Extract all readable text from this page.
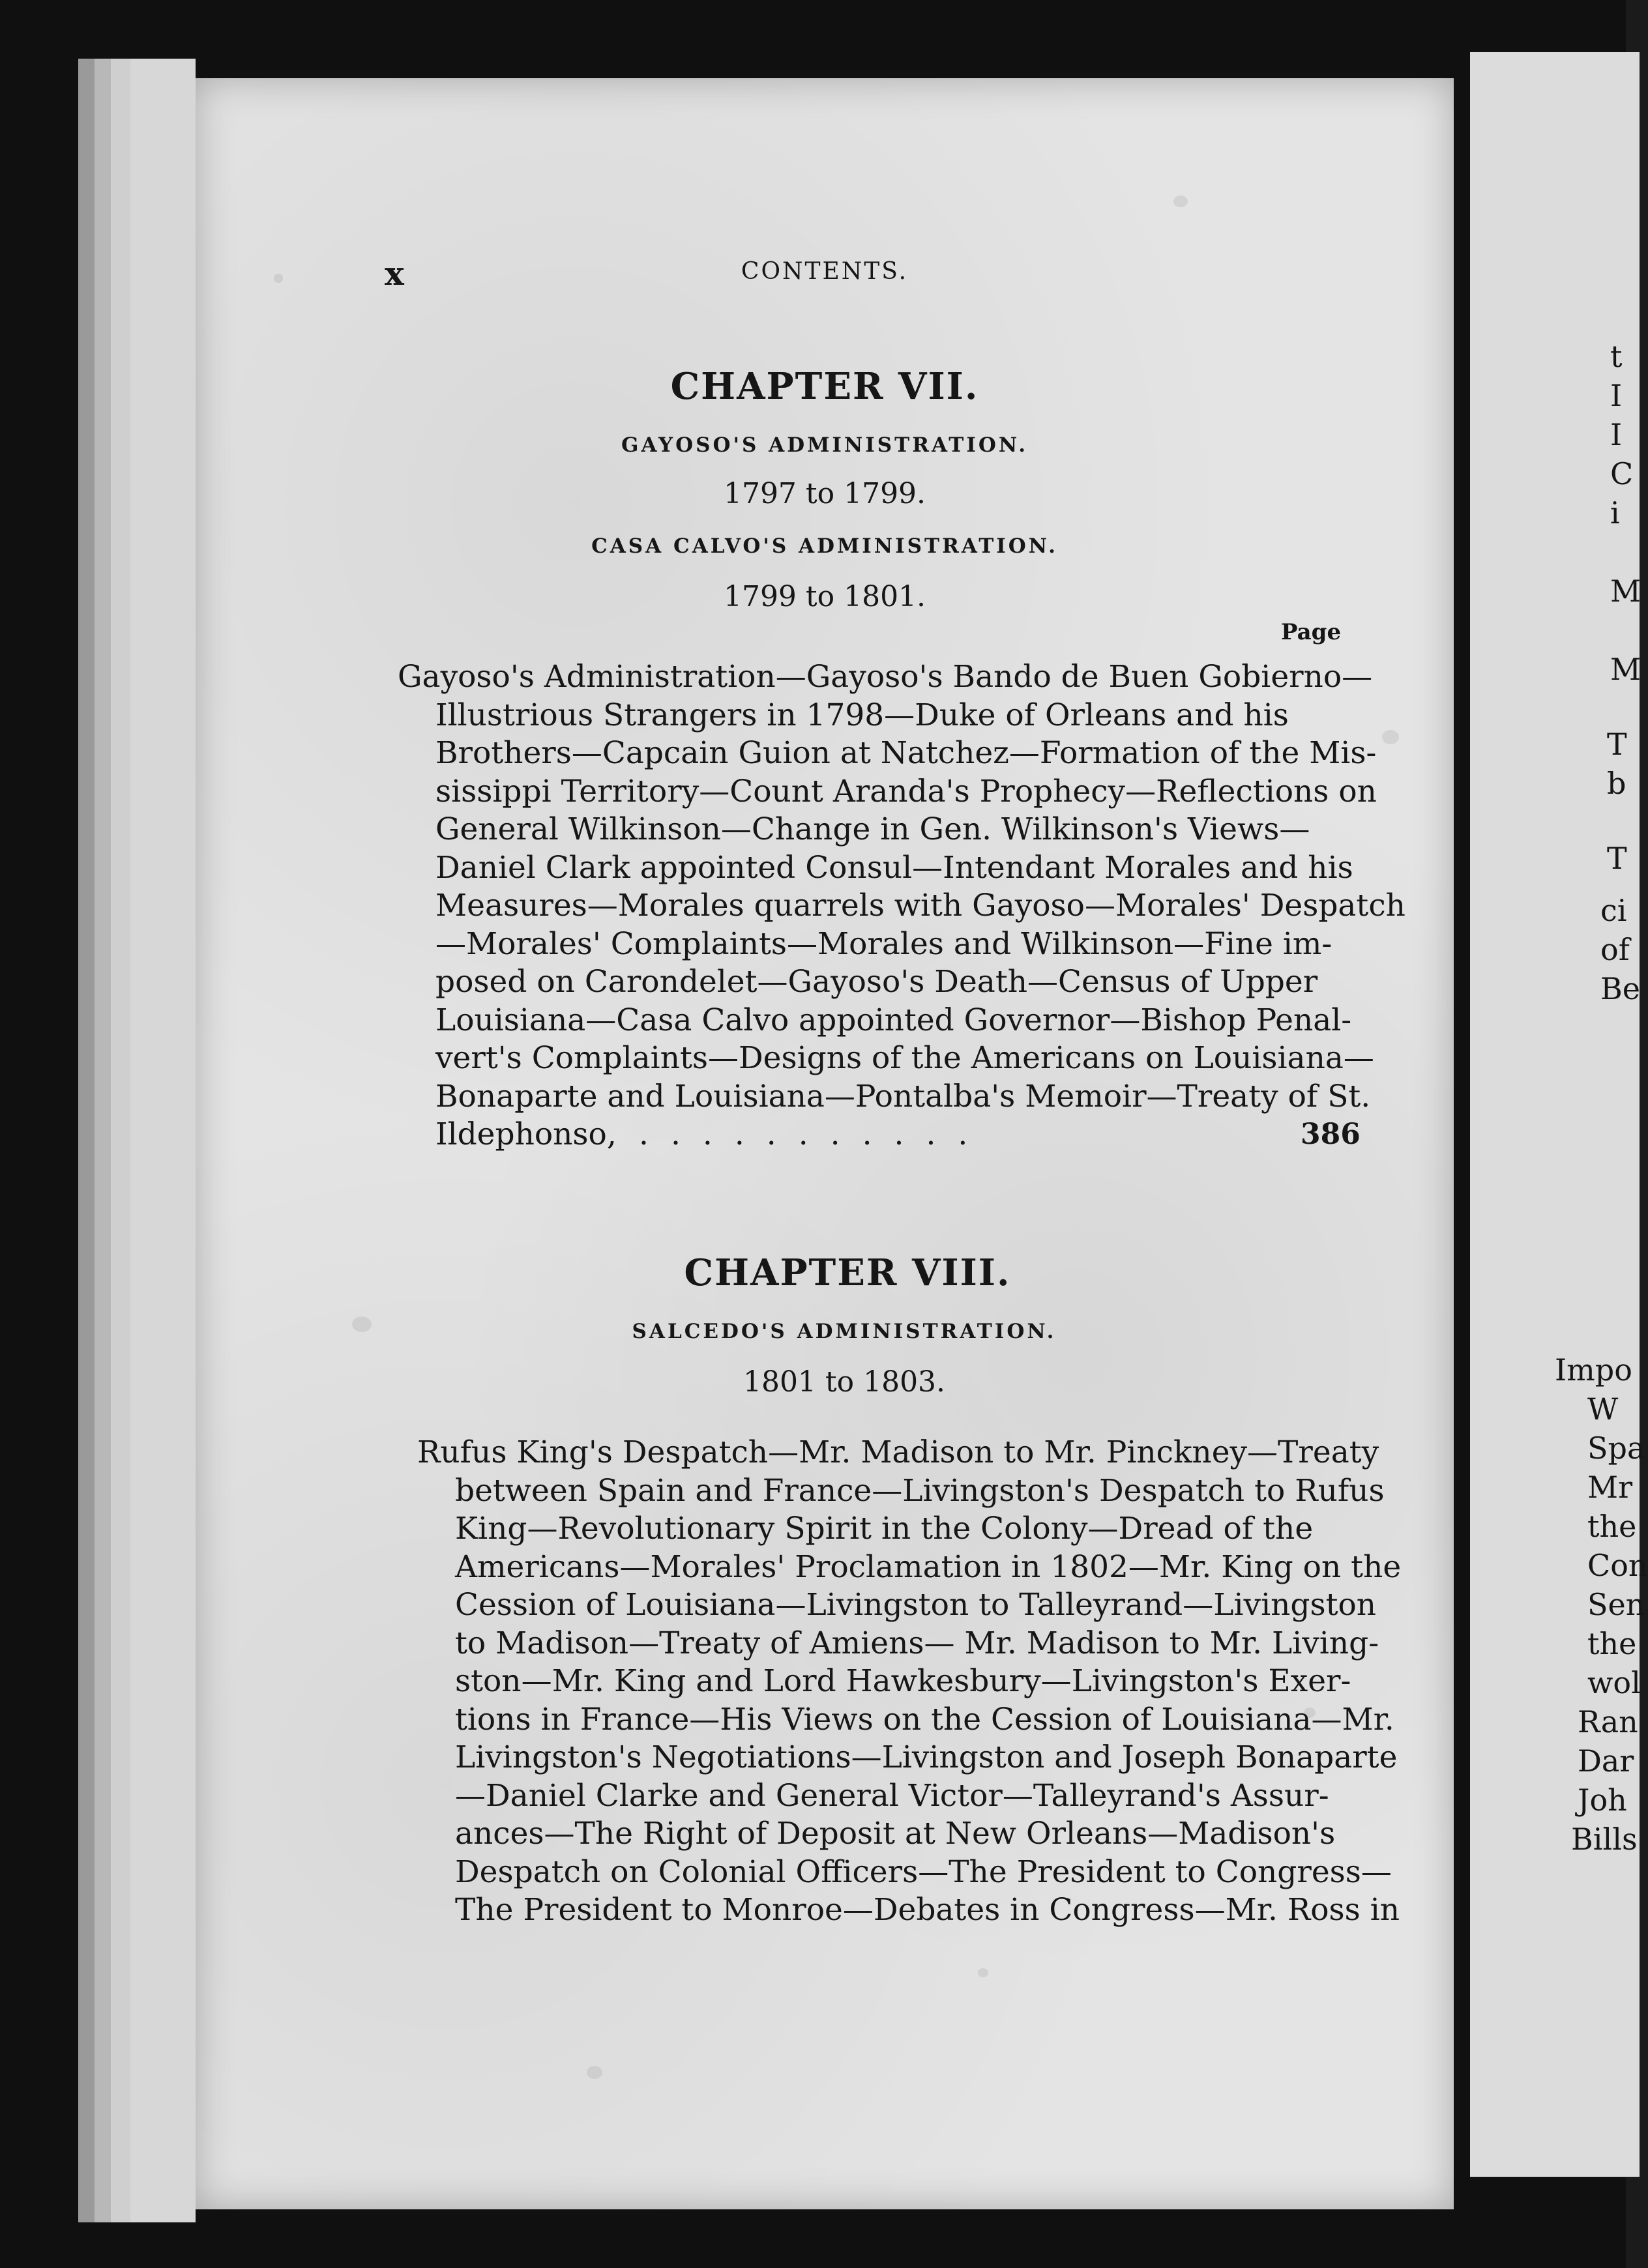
x	CONTENTS.
CHAPTER VII.
GAYOSO'S ADMINISTRATION.
1797 to 1799.
CASA CALVO'S ADMINISTRATION.
1799 to 1801.
Page
Gayoso's Administration—Gayoso's Bando de Buen Gobierno—
Illustrious Strangers in 1798—Duke of Orleans and his
Brothers—Capcain Guion at Natchez—Formation of the Mis-
sissippi Territory—Count Aranda's Prophecy—Reflections on
General Wilkinson—Change in Gen. Wilkinson's Views—
Daniel Clark appointed Consul—Intendant Morales and his
Measures—Morales quarrels with Gayoso—Morales' Despatch
—Morales' Complaints—Morales and Wilkinson—Fine im-
posed on Carondelet—Gayoso's Death—Census of Upper
Louisiana—Casa Calvo appointed Governor—Bishop Penal-
vert's Complaints—Designs of the Americans on Louisiana—
Bonaparte and Louisiana—Pontalba's Memoir—Treaty of St.
Ildephonso, ...........	386
CHAPTER VIII.
SALCEDO'S ADMINISTRATION.
1801 to 1803.
Rufus King's Despatch—Mr. Madison to Mr. Pinckney—Treaty
between Spain and France—Livingston's Despatch to Rufus
King—Revolutionary Spirit in the Colony—Dread of the
Americans—Morales' Proclamation in 1802—Mr. King on the
Cession of Louisiana—Livingston to Talleyrand—Livingston
to Madison—Treaty of Amiens— Mr. Madison to Mr. Living-
ston—Mr. King and Lord Hawkesbury—Livingston's Exer-
tions in France—His Views on the Cession of Louisiana—Mr.
Livingston's Negotiations—Livingston and Joseph Bonaparte
—Daniel Clarke and General Victor—Talleyrand's Assur-
ances—The Right of Deposit at New Orleans—Madison's
Despatch on Colonial Officers—The President to Congress—
The President to Monroe—Debates in Congress—Mr. Ross in
t
I
I
C
i
M
M
T
b
T
ci
of
Be
Impo
W
Spa
Mr
the
Con
Sen
the
wol
Ran
Dar
Joh
Bills
